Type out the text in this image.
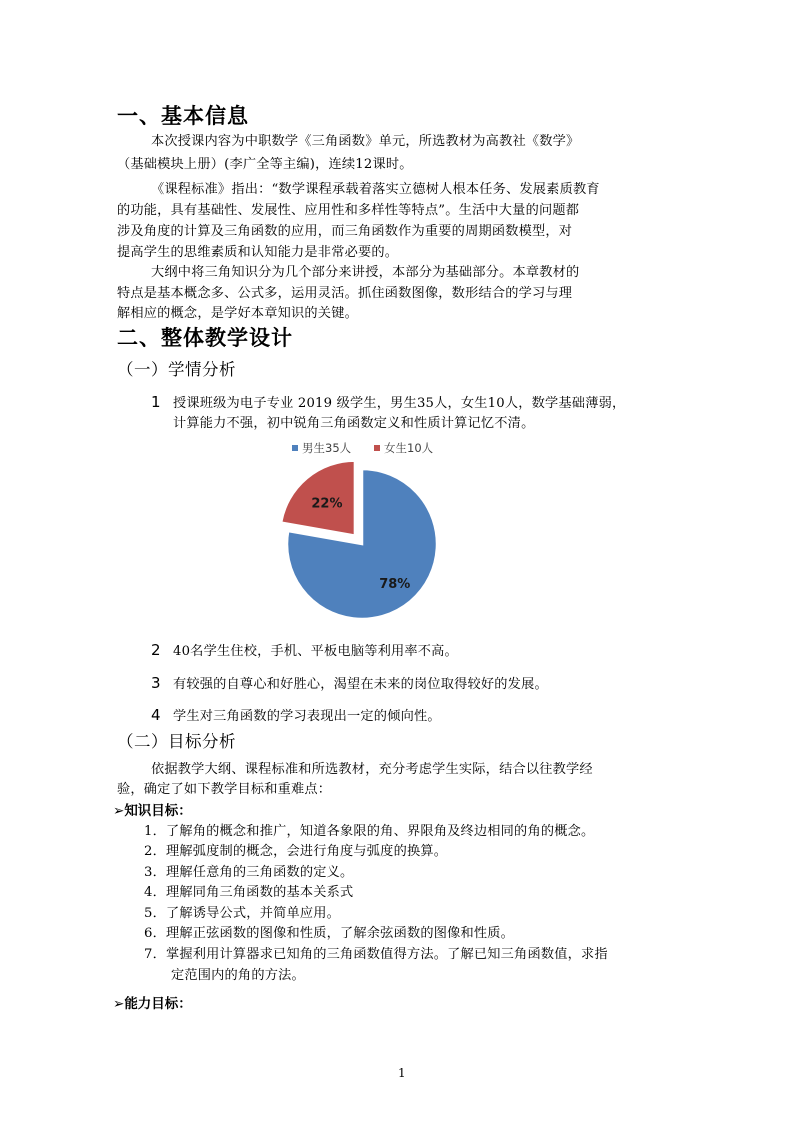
一、基本信息
本次授课内容为中职数学《三角函数》单元，所选教材为高教社《数学》
（基础模块上册）(李广全等主编)，连续12课时。
《课程标准》指出：“数学课程承载着落实立德树人根本任务、发展素质教育
的功能，具有基础性、发展性、应用性和多样性等特点”。生活中大量的问题都
涉及角度的计算及三角函数的应用，而三角函数作为重要的周期函数模型，对
提高学生的思维素质和认知能力是非常必要的。
大纲中将三角知识分为几个部分来讲授，本部分为基础部分。本章教材的
特点是基本概念多、公式多，运用灵活。抓住函数图像，数形结合的学习与理
解相应的概念，是学好本章知识的关键。
二、整体教学设计
（一）学情分析
1 授课班级为电子专业 2019 级学生，男生35人，女生10人，数学基础薄弱，
计算能力不强，初中锐角三角函数定义和性质计算记忆不清。
男生35人	女生10人
78%
22%
2 40名学生住校，手机、平板电脑等利用率不高。
3 有较强的自尊心和好胜心，渴望在未来的岗位取得较好的发展。
4 学生对三角函数的学习表现出一定的倾向性。
（二）目标分析
依据教学大纲、课程标准和所选教材，充分考虑学生实际，结合以往教学经
验，确定了如下教学目标和重难点：
➢知识目标：
1．了解角的概念和推广，知道各象限的角、界限角及终边相同的角的概念。
2．理解弧度制的概念，会进行角度与弧度的换算。
3．理解任意角的三角函数的定义。
4．理解同角三角函数的基本关系式
5．了解诱导公式，并简单应用。
6．理解正弦函数的图像和性质，了解余弦函数的图像和性质。
7．掌握利用计算器求已知角的三角函数值得方法。了解已知三角函数值，求指
定范围内的角的方法。
➢能力目标：
1
